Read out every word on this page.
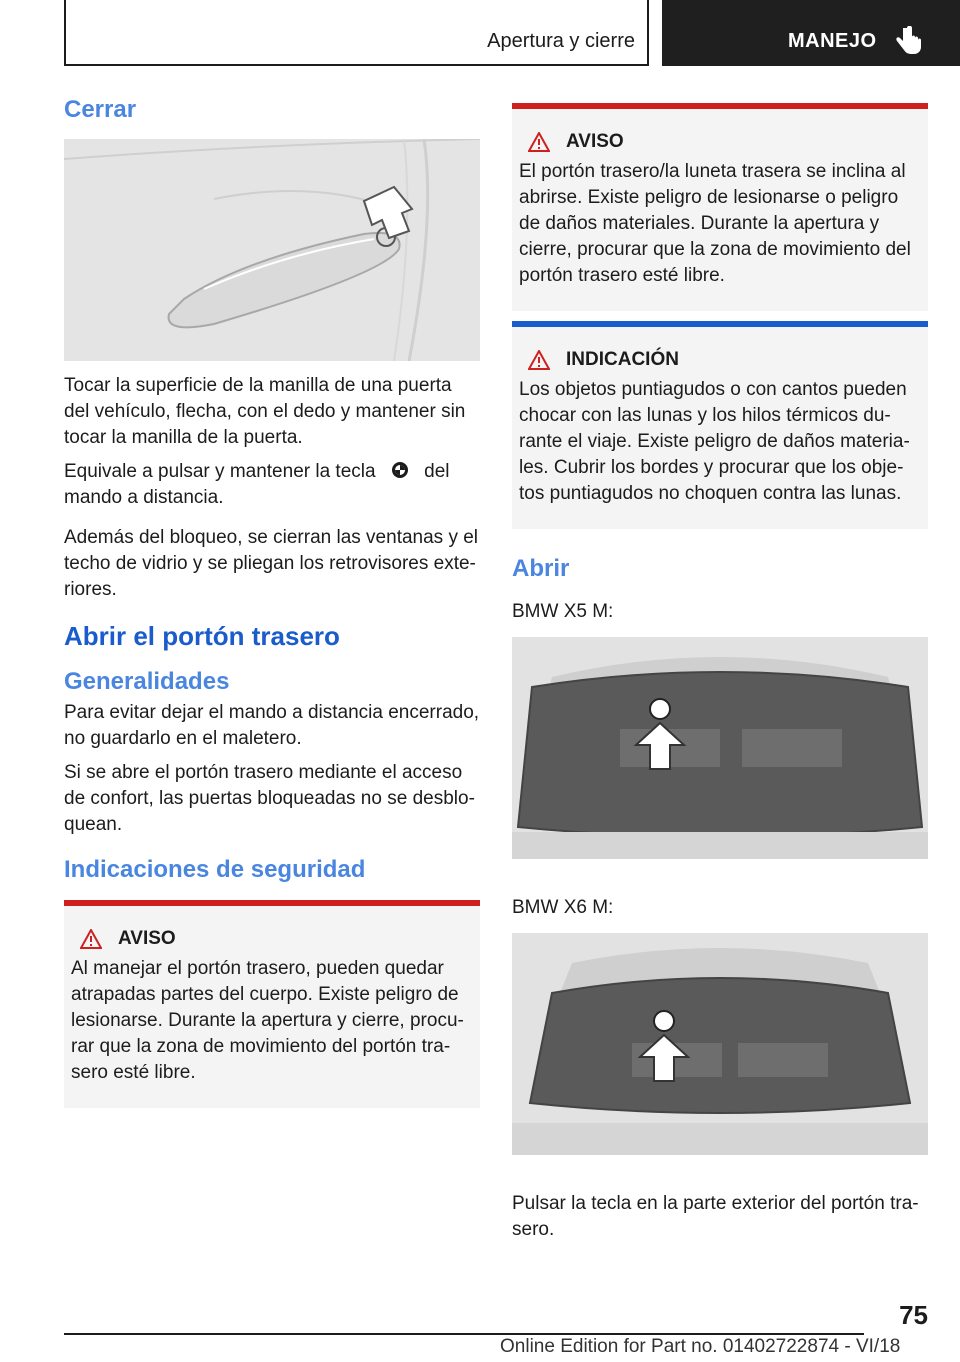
Apertura y cierre	MANEJO
Cerrar

Tocar la superficie de la manilla de una puerta del vehículo, flecha, con el dedo y mantener sin tocar la manilla de la puerta.

Equivale a pulsar y mantener la tecla	del mando a distancia.

Además del bloqueo, se cierran las ventanas y el techo de vidrio y se pliegan los retrovisores exteriores.

Abrir el portón trasero
Generalidades

Para evitar dejar el mando a distancia encerrado, no guardarlo en el maletero.

Si se abre el portón trasero mediante el acceso de confort, las puertas bloqueadas no se desbloquean.

Indicaciones de seguridad
AVISO

Al manejar el portón trasero, pueden quedar atrapadas partes del cuerpo. Existe peligro de lesionarse. Durante la apertura y cierre, procurar que la zona de movimiento del portón trasero esté libre.

AVISO

El portón trasero/la luneta trasera se inclina al abrirse. Existe peligro de lesionarse o peligro de daños materiales. Durante la apertura y cierre, procurar que la zona de movimiento del portón trasero esté libre.

INDICACIÓN

Los objetos puntiagudos o con cantos pueden chocar con las lunas y los hilos térmicos durante el viaje. Existe peligro de daños materiales. Cubrir los bordes y procurar que los objetos puntiagudos no choquen contra las lunas.

Abrir

BMW X5 M:

BMW X6 M:

Pulsar la tecla en la parte exterior del portón trasero.

75
Online Edition for Part no. 01402722874 - VI/18
